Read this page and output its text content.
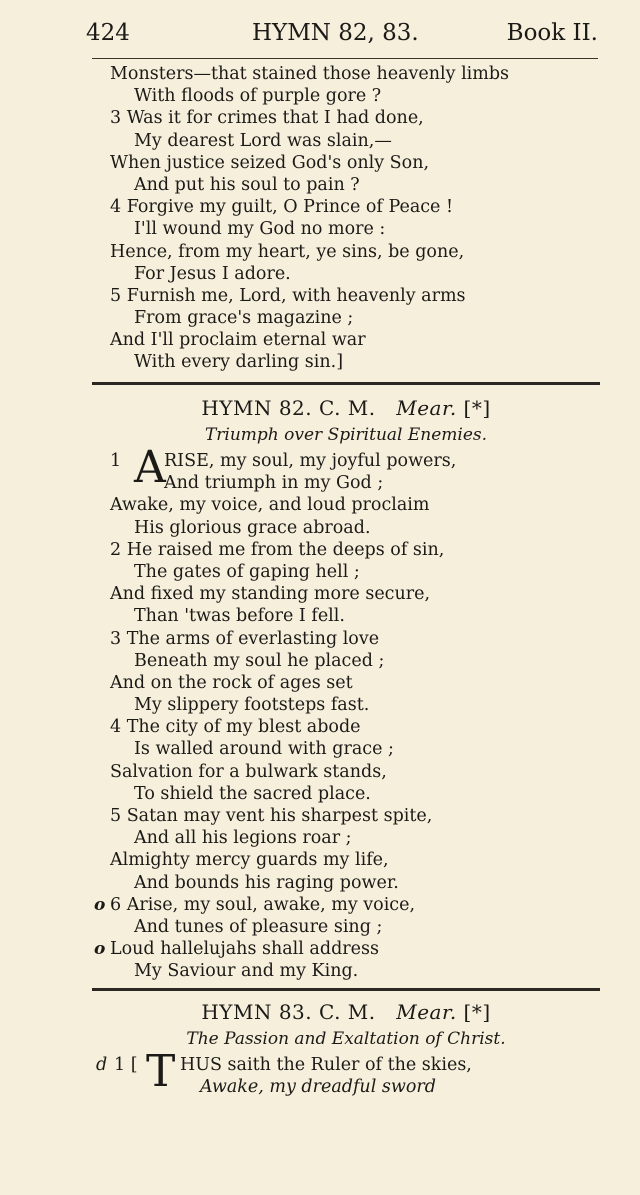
424	HYMN 82, 83.	Book II.
Monsters—that stained those heavenly limbs
With floods of purple gore ?
3 Was it for crimes that I had done,
My dearest Lord was slain,—
When justice seized God's only Son,
And put his soul to pain ?
4 Forgive my guilt, O Prince of Peace !
I'll wound my God no more :
Hence, from my heart, ye sins, be gone,
For Jesus I adore.
5 Furnish me, Lord, with heavenly arms
From grace's magazine ;
And I'll proclaim eternal war
With every darling sin.]
HYMN 82. C. M. Mear. [*]
Triumph over Spiritual Enemies.
1 A
RISE, my soul, my joyful powers,
And triumph in my God ;
Awake, my voice, and loud proclaim
His glorious grace abroad.
2 He raised me from the deeps of sin,
The gates of gaping hell ;
And fixed my standing more secure,
Than 'twas before I fell.
3 The arms of everlasting love
Beneath my soul he placed ;
And on the rock of ages set
My slippery footsteps fast.
4 The city of my blest abode
Is walled around with grace ;
Salvation for a bulwark stands,
To shield the sacred place.
5 Satan may vent his sharpest spite,
And all his legions roar ;
Almighty mercy guards my life,
And bounds his raging power.
o 6 Arise, my soul, awake, my voice,
And tunes of pleasure sing ;
o Loud hallelujahs shall address
My Saviour and my King.
HYMN 83. C. M. Mear. [*]
The Passion and Exaltation of Christ.
d 1 [ T HUS saith the Ruler of the skies,
Awake, my dreadful sword
